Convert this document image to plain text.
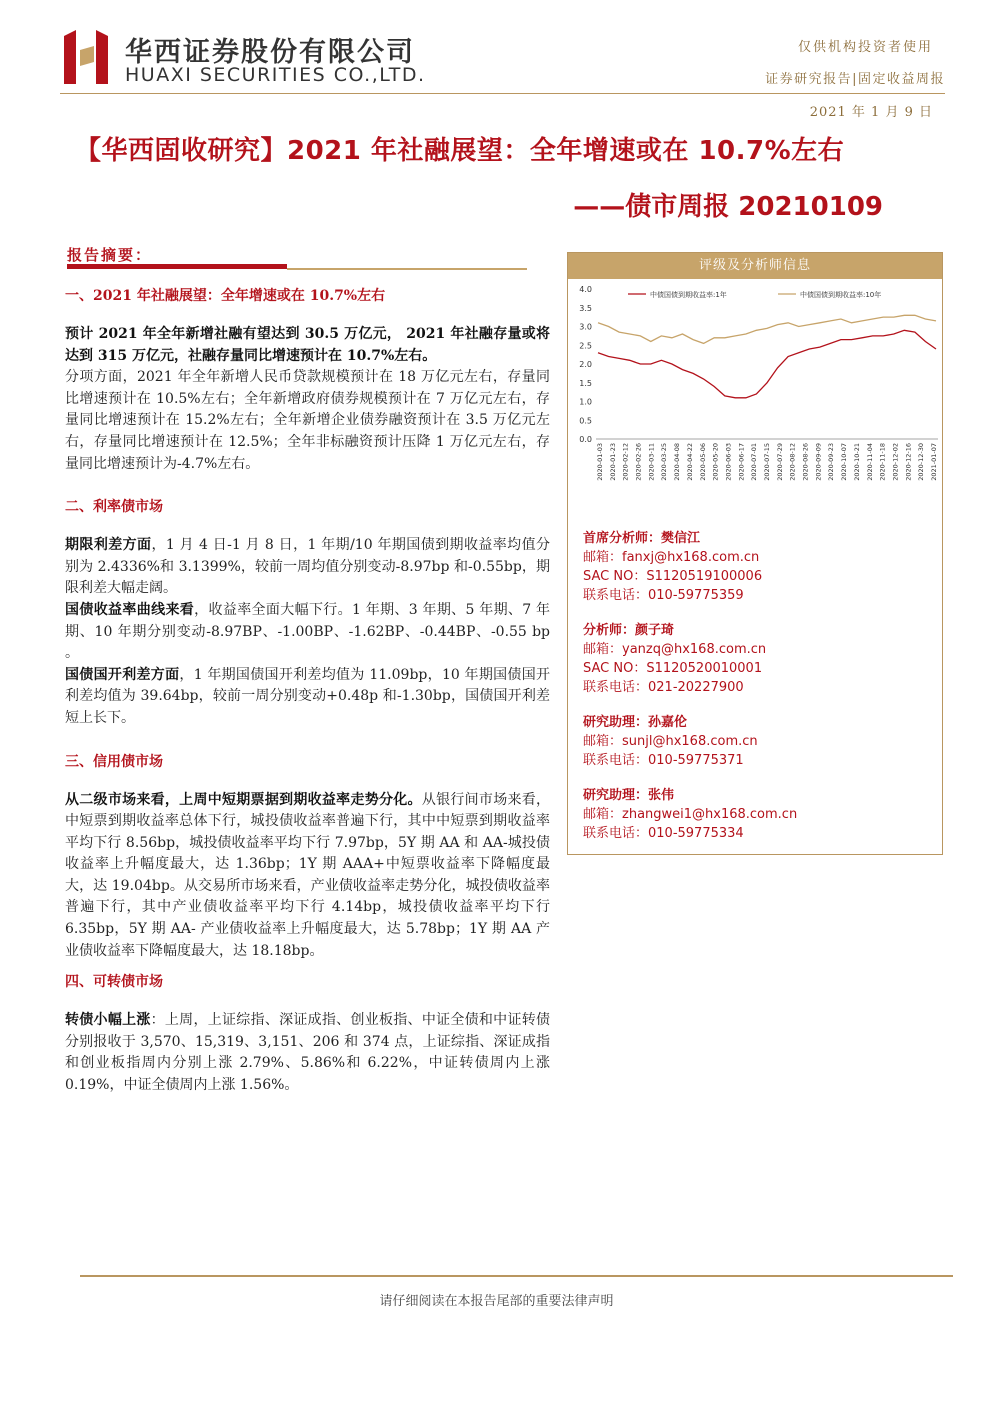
华西证券股份有限公司
HUAXI SECURITIES CO.,LTD.
仅供机构投资者使用
证券研究报告|固定收益周报
2021 年 1 月 9 日
【华西固收研究】2021 年社融展望：全年增速或在 10.7%左右
——债市周报 20210109
报告摘要：
一、2021 年社融展望：全年增速或在 10.7%左右

预计 2021 年全年新增社融有望达到 30.5 万亿元， 2021 年社融存量或将达到 315 万亿元，社融存量同比增速预计在 10.7%左右。

分项方面，2021 年全年新增人民币贷款规模预计在 18 万亿元左右，存量同比增速预计在 10.5%左右；全年新增政府债券规模预计在 7 万亿元左右，存量同比增速预计在 15.2%左右；全年新增企业债券融资预计在 3.5 万亿元左右，存量同比增速预计在 12.5%；全年非标融资预计压降 1 万亿元左右，存量同比增速预计为-4.7%左右。

二、利率债市场

期限利差方面，1 月 4 日-1 月 8 日，1 年期/10 年期国债到期收益率均值分别为 2.4336%和 3.1399%，较前一周均值分别变动-8.97bp 和-0.55bp，期限利差大幅走阔。

国债收益率曲线来看，收益率全面大幅下行。1 年期、3 年期、5 年期、7 年期、10 年期分别变动-8.97BP、-1.00BP、-1.62BP、-0.44BP、-0.55 bp 。

国债国开利差方面，1 年期国债国开利差均值为 11.09bp，10 年期国债国开利差均值为 39.64bp，较前一周分别变动+0.48p 和-1.30bp，国债国开利差短上长下。

三、信用债市场

从二级市场来看，上周中短期票据到期收益率走势分化。从银行间市场来看，中短票到期收益率总体下行，城投债收益率普遍下行，其中中短票到期收益率平均下行 8.56bp，城投债收益率平均下行 7.97bp，5Y 期 AA 和 AA-城投债收益率上升幅度最大，达 1.36bp；1Y 期 AAA+中短票收益率下降幅度最大，达 19.04bp。从交易所市场来看，产业债收益率走势分化，城投债收益率普遍下行，其中产业债收益率平均下行 4.14bp，城投债收益率平均下行 6.35bp，5Y 期 AA- 产业债收益率上升幅度最大，达 5.78bp；1Y 期 AA 产业债收益率下降幅度最大，达 18.18bp。

四、可转债市场

转债小幅上涨：上周，上证综指、深证成指、创业板指、中证全债和中证转债分别报收于 3,570、15,319、3,151、206 和 374 点，上证综指、深证成指和创业板指周内分别上涨 2.79%、5.86%和 6.22%，中证转债周内上涨 0.19%，中证全债周内上涨 1.56%。

评级及分析师信息
4.0
3.5
3.0
2.5
2.0
1.5
1.0
0.5
0.0
2020-01-03 2020-01-23 2020-02-12 2020-02-26 2020-03-11 2020-03-25 2020-04-08 2020-04-22 2020-05-06 2020-05-20 2020-06-03 2020-06-17 2020-07-01 2020-07-15 2020-07-29 2020-08-12 2020-08-26 2020-09-09 2020-09-23 2020-10-07 2020-10-21 2020-11-04 2020-11-18 2020-12-02 2020-12-16 2020-12-30 2021-01-07
中债国债到期收益率:1年	中债国债到期收益率:10年
首席分析师：樊信江
邮箱：fanxj@hx168.com.cn
SAC NO：S1120519100006
联系电话：010-59775359
分析师：颜子琦
邮箱：yanzq@hx168.com.cn
SAC NO：S1120520010001
联系电话：021-20227900
研究助理：孙嘉伦
邮箱：sunjl@hx168.com.cn
联系电话：010-59775371
研究助理：张伟
邮箱：zhangwei1@hx168.com.cn
联系电话：010-59775334
请仔细阅读在本报告尾部的重要法律声明
